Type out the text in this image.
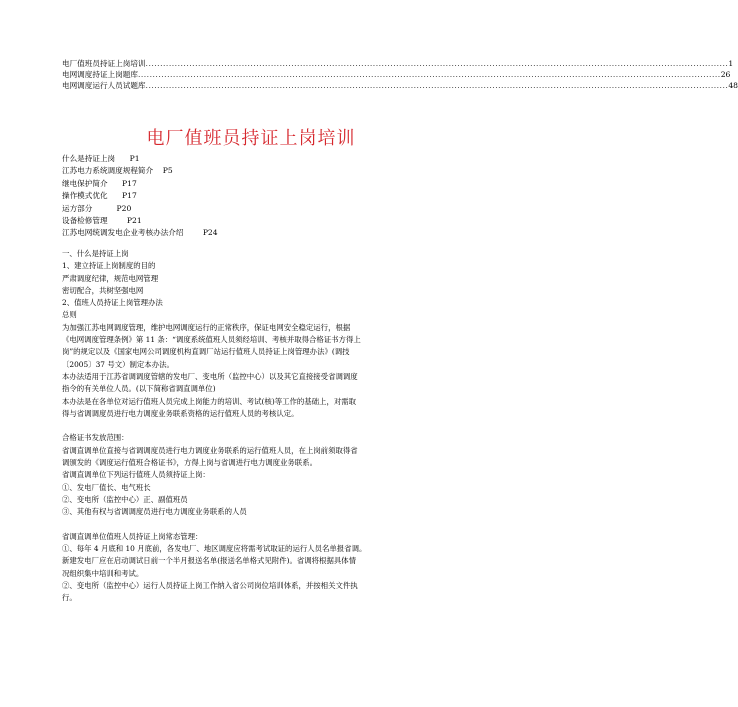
电厂值班员持证上岗培训 ........................................................................................................................................................................................................ 1
电网调度持证上岗题库 ........................................................................................................................................................................................................ 26
电网调度运行人员试题库 ........................................................................................................................................................................................................ 48
电厂值班员持证上岗培训
什么是持证上岗 P1
江苏电力系统调度规程简介 P5
继电保护简介 P17
操作模式优化 P17
运方部分	P20
设备检修管理	P21
江苏电网统调发电企业考核办法介绍	P24
一、什么是持证上岗
1、建立持证上岗制度的目的
严肃调度纪律，规范电网管理
密切配合，共树坚强电网
2、值班人员持证上岗管理办法
总则
为加强江苏电网调度管理，维护电网调度运行的正常秩序，保证电网安全稳定运行，根据
《电网调度管理条例》第 11 条：“调度系统值班人员须经培训、考核并取得合格证书方得上
岗”的规定以及《国家电网公司调度机构直调厂站运行值班人员持证上岗管理办法》(调技
〔2005〕37 号文）制定本办法。
本办法适用于江苏省调调度管辖的发电厂、变电所（监控中心）以及其它直接接受省调调度
指令的有关单位人员。(以下简称省调直调单位)
本办法是在各单位对运行值班人员完成上岗能力的培训、考试(核)等工作的基础上，对需取
得与省调调度员进行电力调度业务联系资格的运行值班人员的考核认定。
合格证书发放范围：
省调直调单位直接与省调调度员进行电力调度业务联系的运行值班人员，在上岗前须取得省
调颁发的《调度运行值班合格证书》，方得上岗与省调进行电力调度业务联系。
省调直调单位下列运行值班人员须持证上岗：
①、发电厂值长、电气班长
②、变电所（监控中心）正、副值班员
③、其他有权与省调调度员进行电力调度业务联系的人员
省调直调单位值班人员持证上岗常态管理：
①、每年 4 月底和 10 月底前，各发电厂、地区调度应将需考试取证的运行人员名单报省调。
新建发电厂应在启动调试日前一个半月报送名单(报送名单格式见附件)。省调将根据具体情
况组织集中培训和考试。
②、变电所（监控中心）运行人员持证上岗工作纳入省公司岗位培训体系，并按相关文件执
行。
